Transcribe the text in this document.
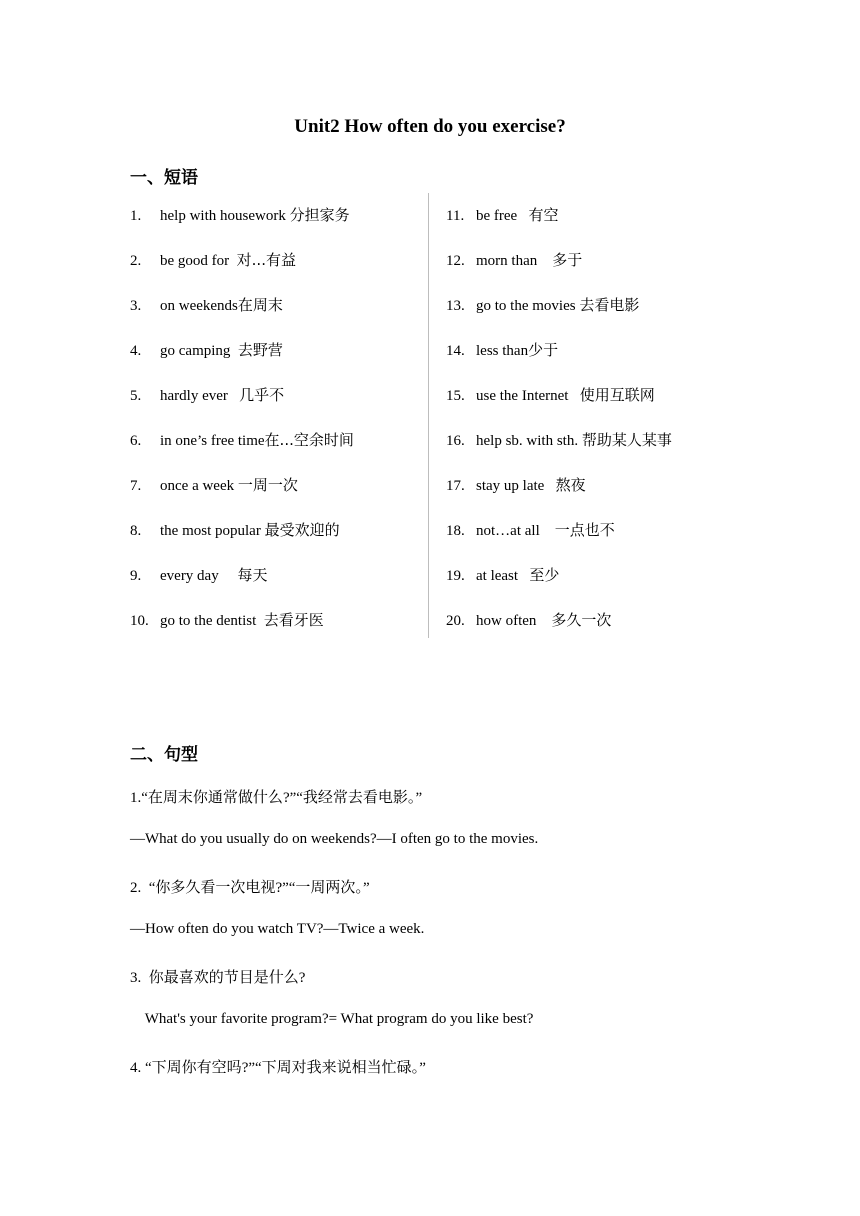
Unit2 How often do you exercise?
一、短语
1. help with housework 分担家务
2. be good for  对...有益
3. on weekends在周末
4. go camping  去野营
5. hardly ever   几乎不
6. in one’s free time在...空余时间
7. once a week 一周一次
8. the most popular 最受欢迎的
9. every day     每天
10. go to the dentist  去看牙医
11. be free   有空
12. morn than    多于
13. go to the movies 去看电影
14. less than少于
15. use the Internet   使用互联网
16. help sb. with sth. 帮助某人某事
17. stay up late   熬夜
18. not…at all    一点也不
19. at least   至少
20. how often    多久一次
二、句型
1.“在周末你通常做什么?”“我经常去看电影。”
—What do you usually do on weekends?—I often go to the movies.
2.  “你多久看一次电视?”“一周两次。”
—How often do you watch TV?—Twice a week.
3.  你最喜欢的节目是什么?
What's your favorite program?= What program do you like best?
4. “下周你有空吗?”“下周对我来说相当忙碌。”
